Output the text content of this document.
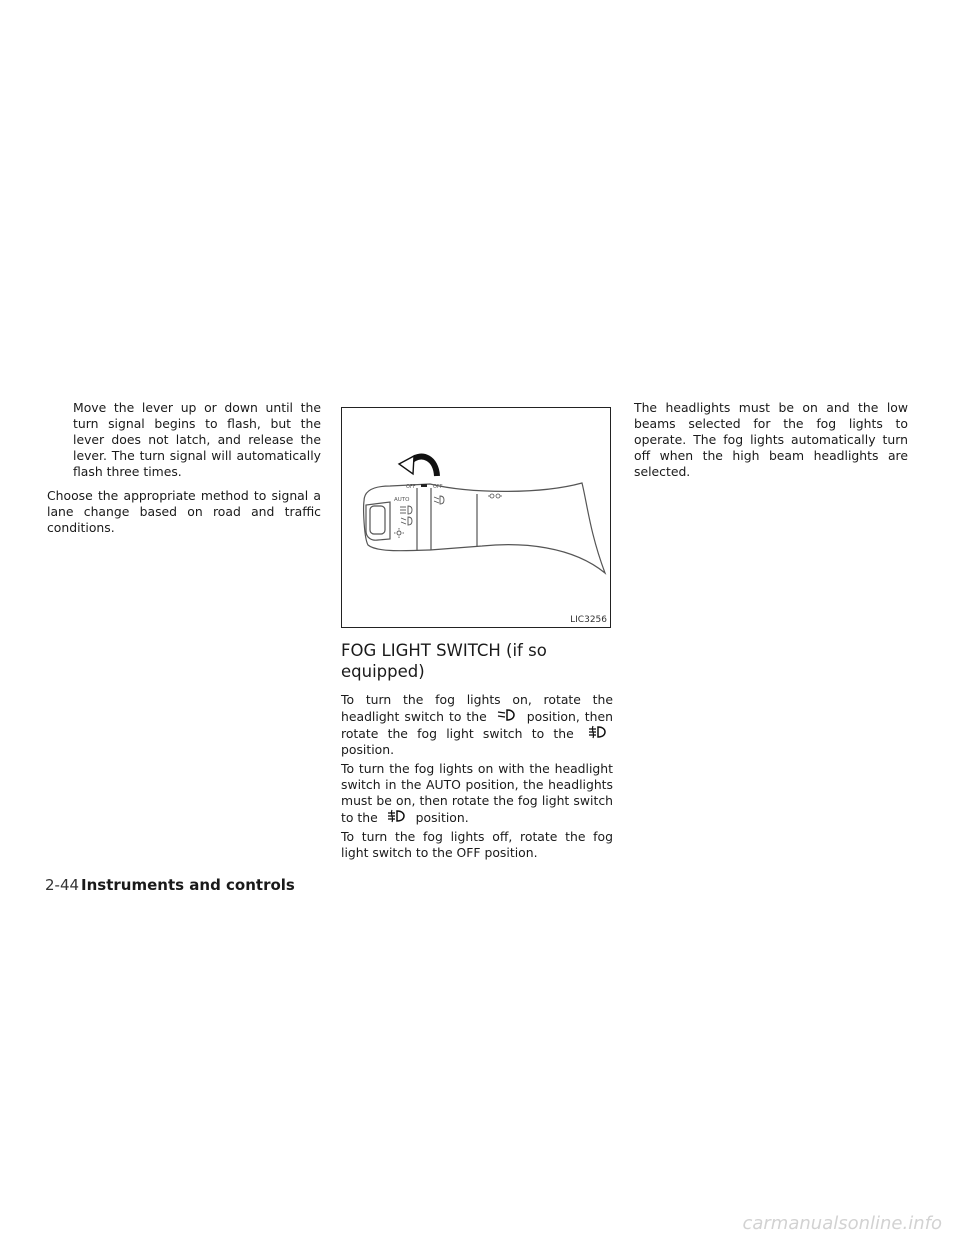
Move the lever up or down until the turn signal begins to flash, but the lever does not latch, and release the lever. The turn signal will automatically flash three times.

Choose the appropriate method to signal a lane change based on road and traffic conditions.

OFF	OFF
AUTO
LIC3256
FOG LIGHT SWITCH (if so equipped)

To turn the fog lights on, rotate the headlight switch to the	position, then rotate the fog light switch to the  position.

To turn the fog lights on with the headlight switch in the AUTO position, the headlights must be on, then rotate the fog light switch to the	position.

To turn the fog lights off, rotate the fog light switch to the OFF position.

The headlights must be on and the low beams selected for the fog lights to operate. The fog lights automatically turn off when the high beam headlights are selected.

2-44 Instruments and controls
carmanualsonline.info
